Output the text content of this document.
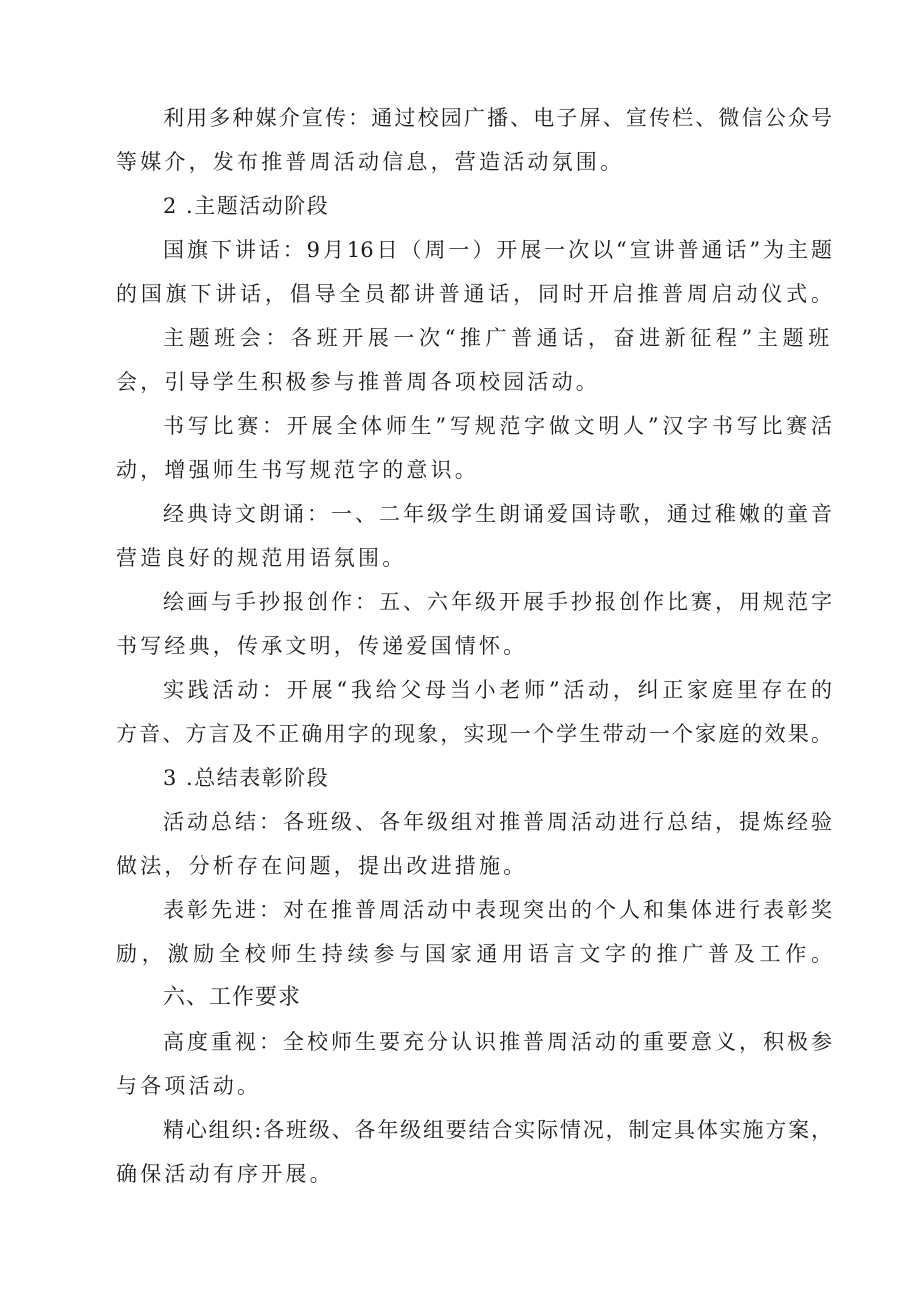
利用多种媒介宣传：通过校园广播、电子屏、宣传栏、微信公众号
等媒介，发布推普周活动信息，营造活动氛围。
2 .主题活动阶段
国旗下讲话：9月16日（周一）开展一次以“宣讲普通话”为主题
的国旗下讲话，倡导全员都讲普通话，同时开启推普周启动仪式。
主题班会：各班开展一次“推广普通话，奋进新征程”主题班
会，引导学生积极参与推普周各项校园活动。
书写比赛：开展全体师生”写规范字做文明人”汉字书写比赛活
动，增强师生书写规范字的意识。
经典诗文朗诵：一、二年级学生朗诵爱国诗歌，通过稚嫩的童音
营造良好的规范用语氛围。
绘画与手抄报创作：五、六年级开展手抄报创作比赛，用规范字
书写经典，传承文明，传递爱国情怀。
实践活动：开展“我给父母当小老师”活动，纠正家庭里存在的
方音、方言及不正确用字的现象，实现一个学生带动一个家庭的效果。
3 .总结表彰阶段
活动总结：各班级、各年级组对推普周活动进行总结，提炼经验
做法，分析存在问题，提出改进措施。
表彰先进：对在推普周活动中表现突出的个人和集体进行表彰奖
励，激励全校师生持续参与国家通用语言文字的推广普及工作。
六、工作要求
高度重视：全校师生要充分认识推普周活动的重要意义，积极参
与各项活动。
精心组织:各班级、各年级组要结合实际情况，制定具体实施方案，
确保活动有序开展。
